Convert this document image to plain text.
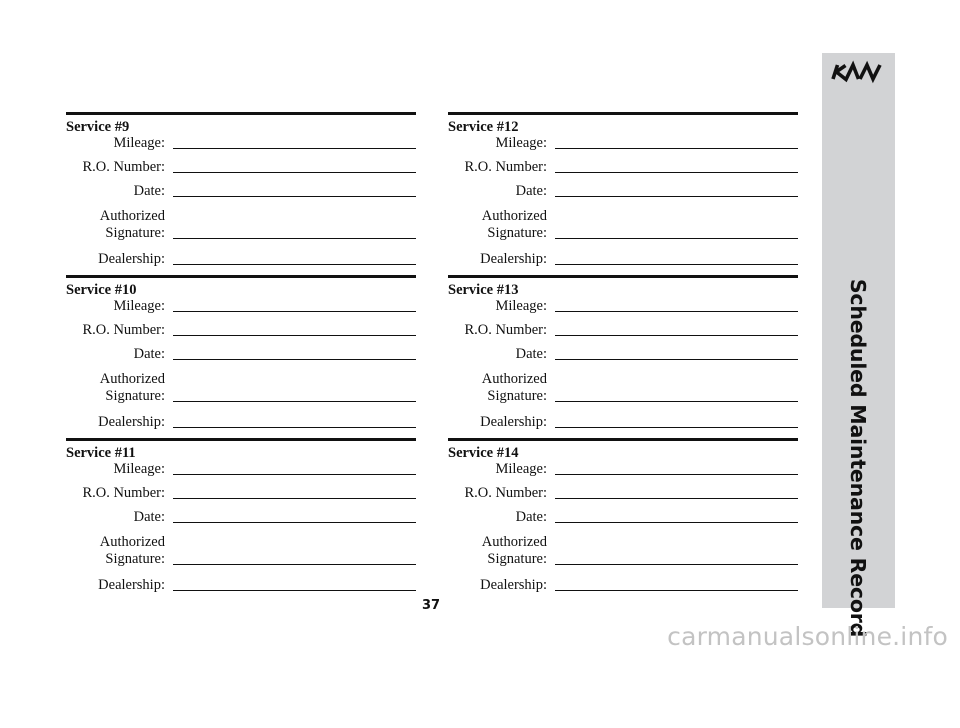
Service #9
Mileage:
R.O. Number:
Date:
Authorized
Signature:
Dealership:
Service #10
Mileage:
R.O. Number:
Date:
Authorized
Signature:
Dealership:
Service #11
Mileage:
R.O. Number:
Date:
Authorized
Signature:
Dealership:
Service #12
Mileage:
R.O. Number:
Date:
Authorized
Signature:
Dealership:
Service #13
Mileage:
R.O. Number:
Date:
Authorized
Signature:
Dealership:
Service #14
Mileage:
R.O. Number:
Date:
Authorized
Signature:
Dealership:	Scheduled Maintenance Record
37
carmanualsonline.info
